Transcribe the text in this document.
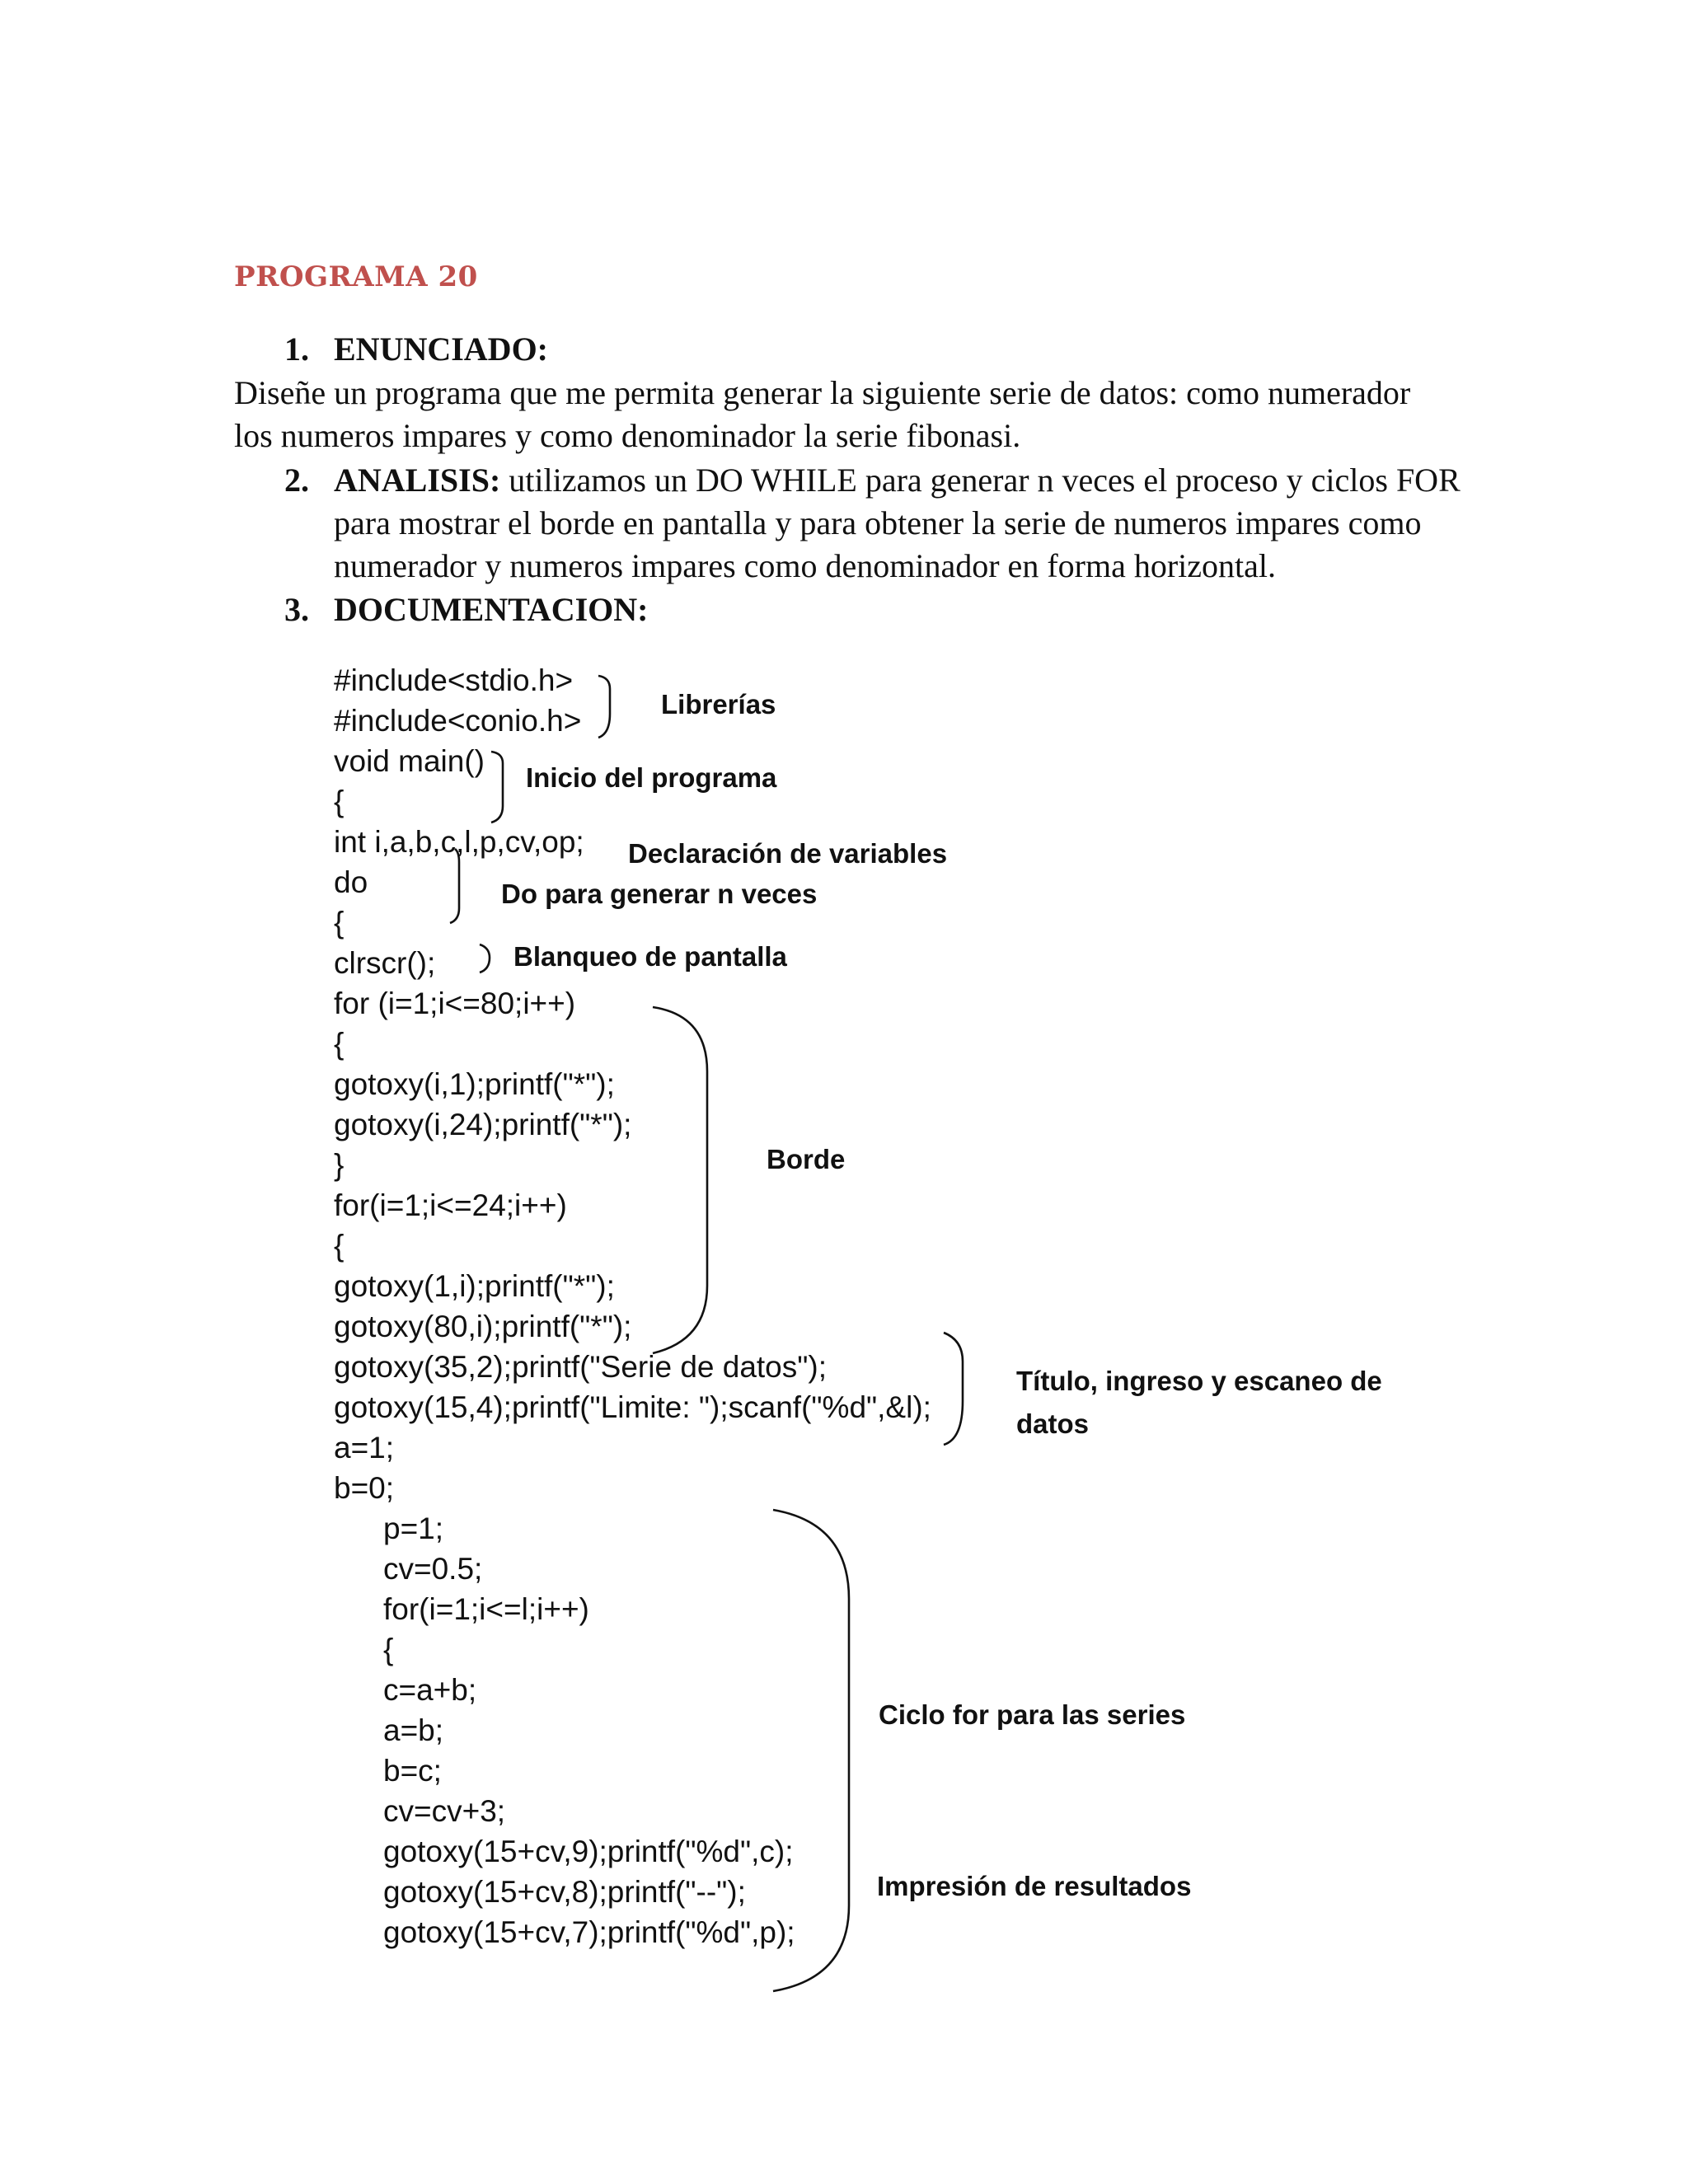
PROGRAMA 20
1. ENUNCIADO:
Diseñe un programa que me permita generar la siguiente serie de datos: como numerador los numeros impares y como denominador la serie fibonasi.
2. ANALISIS: utilizamos un DO WHILE para generar n veces el proceso y ciclos FOR para mostrar el borde en pantalla y para obtener la serie de numeros impares como numerador y numeros impares como denominador en forma horizontal.
3. DOCUMENTACION:
#include<stdio.h>
#include<conio.h>
void main()
{
int i,a,b,c,l,p,cv,op;
do
{
clrscr();
for (i=1;i<=80;i++)
{
gotoxy(i,1);printf("*");
gotoxy(i,24);printf("*");
}
for(i=1;i<=24;i++)
{
gotoxy(1,i);printf("*");
gotoxy(80,i);printf("*");
gotoxy(35,2);printf("Serie de datos");
gotoxy(15,4);printf("Limite: ");scanf("%d",&l);
a=1;
b=0;
p=1;
cv=0.5;
for(i=1;i<=l;i++)
{
c=a+b;
a=b;
b=c;
cv=cv+3;
gotoxy(15+cv,9);printf("%d",c);
gotoxy(15+cv,8);printf("--");
gotoxy(15+cv,7);printf("%d",p);
Librerías
Inicio del programa
Declaración de variables
Do para generar n veces
Blanqueo de pantalla
Borde
Título, ingreso y escaneo de
datos
Ciclo for para las series
Impresión de resultados
